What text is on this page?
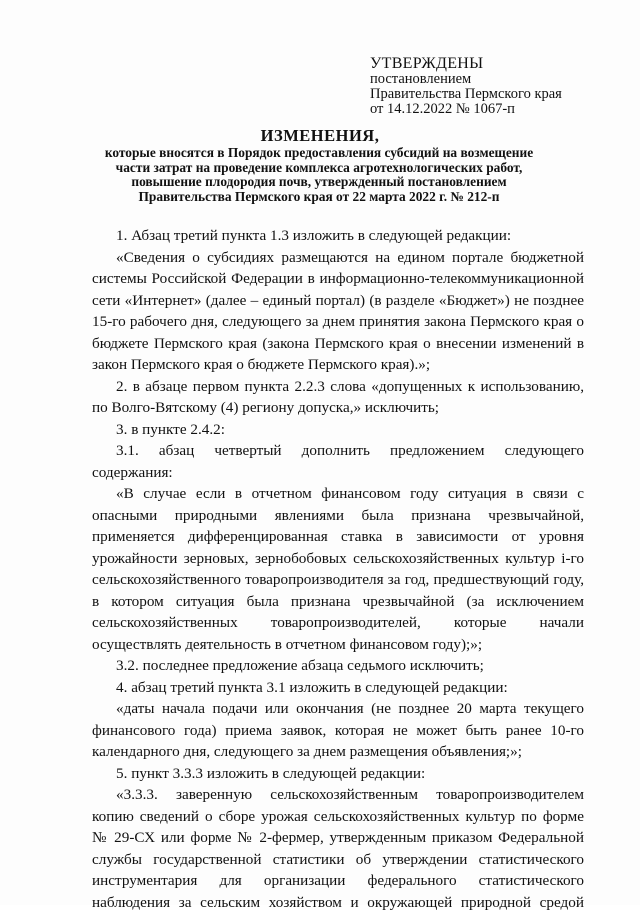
УТВЕРЖДЕНЫ
постановлением
Правительства Пермского края
от 14.12.2022 № 1067-п
ИЗМЕНЕНИЯ,
которые вносятся в Порядок предоставления субсидий на возмещение
части затрат на проведение комплекса агротехнологических работ,
повышение плодородия почв, утвержденный постановлением
Правительства Пермского края от 22 марта 2022 г. № 212-п

1. Абзац третий пункта 1.3 изложить в следующей редакции:

«Сведения о субсидиях размещаются на едином портале бюджетной системы Российской Федерации в информационно-телекоммуникационной сети «Интернет» (далее – единый портал) (в разделе «Бюджет») не позднее 15-го рабочего дня, следующего за днем принятия закона Пермского края о бюджете Пермского края (закона Пермского края о внесении изменений в закон Пермского края о бюджете Пермского края).»;

2. в абзаце первом пункта 2.2.3 слова «допущенных к использованию, по Волго-Вятскому (4) региону допуска,» исключить;

3. в пункте 2.4.2:

3.1. абзац четвертый дополнить предложением следующего содержания:

«В случае если в отчетном финансовом году ситуация в связи с опасными природными явлениями была признана чрезвычайной, применяется дифференцированная ставка в зависимости от уровня урожайности зерновых, зернобобовых сельскохозяйственных культур i-го сельскохозяйственного товаропроизводителя за год, предшествующий году, в котором ситуация была признана чрезвычайной (за исключением сельскохозяйственных товаропроизводителей, которые начали осуществлять деятельность в отчетном финансовом году);»;

3.2. последнее предложение абзаца седьмого исключить;

4. абзац третий пункта 3.1 изложить в следующей редакции:

«даты начала подачи или окончания (не позднее 20 марта текущего финансового года) приема заявок, которая не может быть ранее 10-го календарного дня, следующего за днем размещения объявления;»;

5. пункт 3.3.3 изложить в следующей редакции:

«3.3.3. заверенную сельскохозяйственным товаропроизводителем копию сведений о сборе урожая сельскохозяйственных культур по форме № 29-СХ или форме № 2-фермер, утвержденным приказом Федеральной службы государственной статистики об утверждении статистического инструментария для организации федерального статистического наблюдения за сельским хозяйством и окружающей природной средой
